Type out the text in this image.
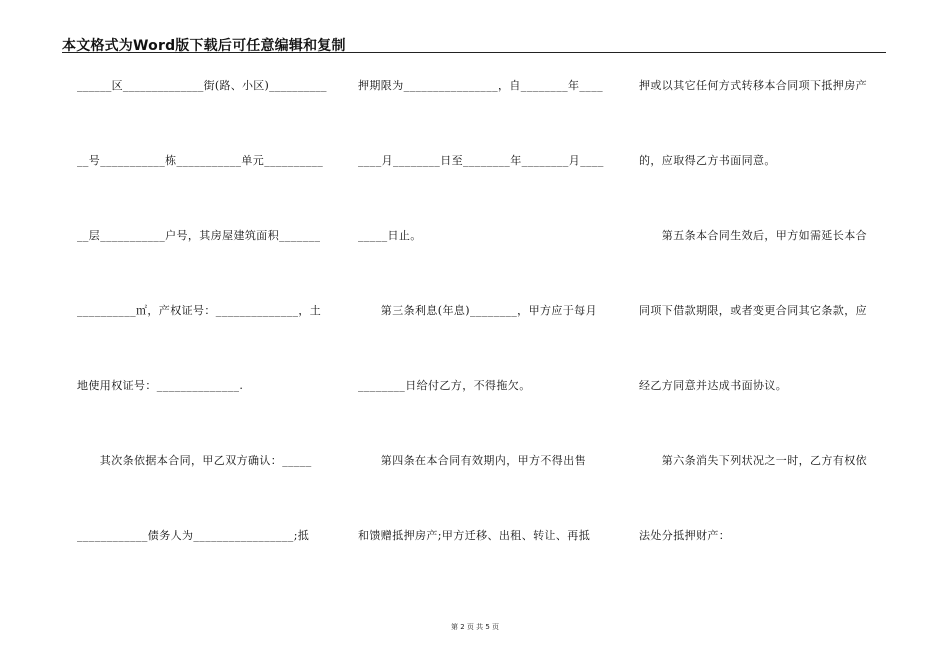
本文格式为Word版下载后可任意编辑和复制
______区______________街(路、小区)__________
__号___________栋___________单元__________
__层___________户号，其房屋建筑面积_______
__________㎡，产权证号：______________，土
地使用权证号：______________.
　　其次条依据本合同，甲乙双方确认：_____
____________债务人为_________________;抵
押期限为________________，自________年____
____月________日至________年________月____
_____日止。
　　第三条利息(年息)________，甲方应于每月
________日给付乙方，不得拖欠。
　　第四条在本合同有效期内，甲方不得出售
和馈赠抵押房产;甲方迁移、出租、转让、再抵
押或以其它任何方式转移本合同项下抵押房产
的，应取得乙方书面同意。
　　第五条本合同生效后，甲方如需延长本合
同项下借款期限，或者变更合同其它条款，应
经乙方同意并达成书面协议。
　　第六条消失下列状况之一时，乙方有权依
法处分抵押财产：
第 2 页 共 5 页
